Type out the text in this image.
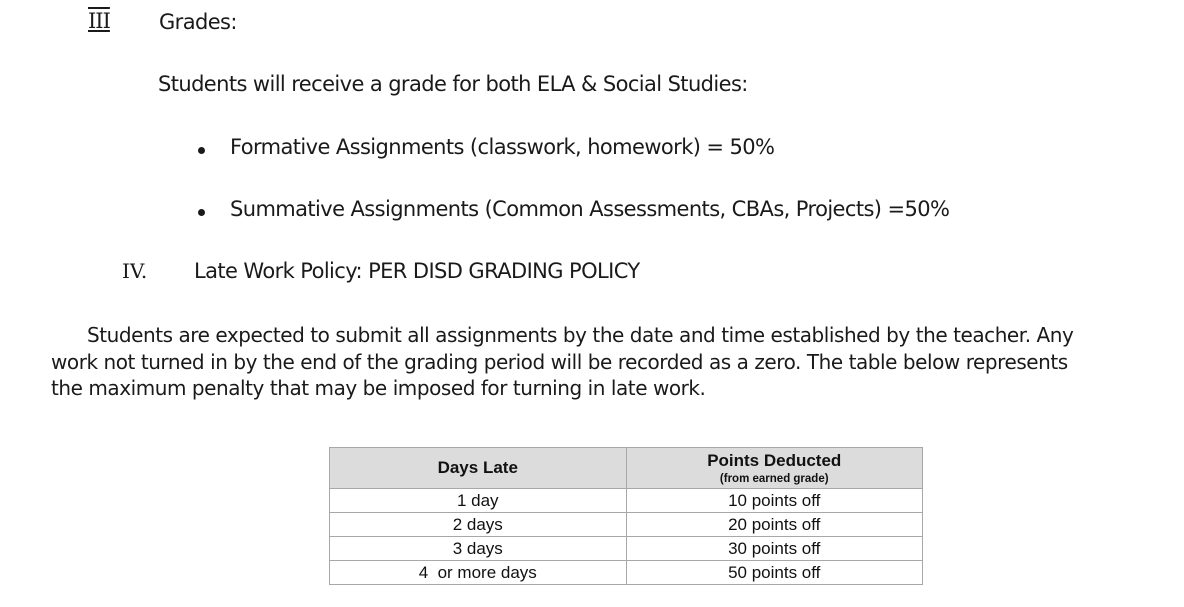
III Grades:
Students will receive a grade for both ELA & Social Studies:
Formative Assignments (classwork, homework) = 50%
Summative Assignments (Common Assessments, CBAs, Projects) =50%
IV. Late Work Policy: PER DISD GRADING POLICY
Students are expected to submit all assignments by the date and time established by the teacher. Any
work not turned in by the end of the grading period will be recorded as a zero. The table below represents
the maximum penalty that may be imposed for turning in late work.
Days Late	Points Deducted
(from earned grade)

1 day	10 points off
2 days	20 points off
3 days	30 points off
4  or more days	50 points off
